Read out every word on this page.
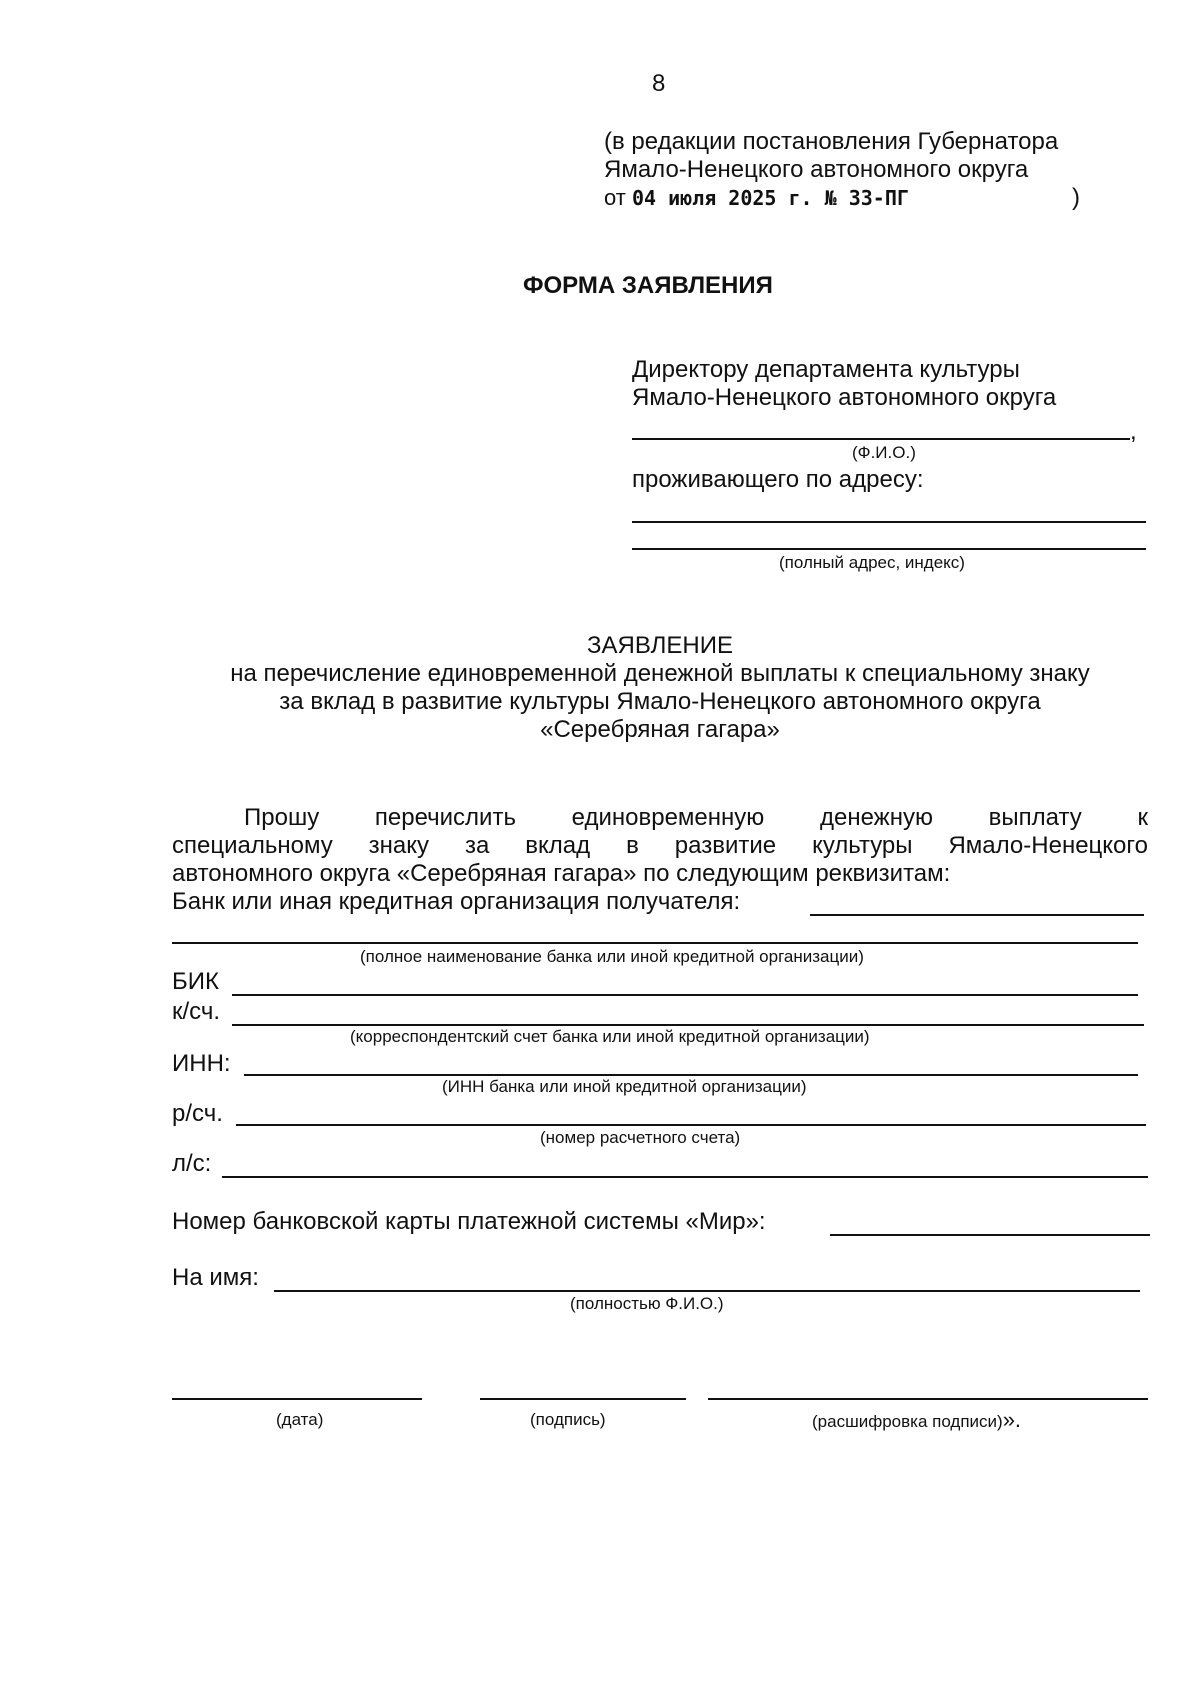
8
(в редакции постановления Губернатора
Ямало-Ненецкого автономного округа
от 04 июля 2025 г. № 33-ПГ	)
ФОРМА ЗАЯВЛЕНИЯ
Директору департамента культуры
Ямало-Ненецкого автономного округа
,
(Ф.И.О.)
проживающего по адресу:
(полный адрес, индекс)
ЗАЯВЛЕНИЕ
на перечисление единовременной денежной выплаты к специальному знаку
за вклад в развитие культуры Ямало-Ненецкого автономного округа
«Серебряная гагара»
Прошу перечислить единовременную денежную выплату к
специальному знаку за вклад в развитие культуры Ямало-Ненецкого
автономного округа «Серебряная гагара» по следующим реквизитам:
Банк или иная кредитная организация получателя:
(полное наименование банка или иной кредитной организации)
БИК
к/сч.
(корреспондентский счет банка или иной кредитной организации)
ИНН:
(ИНН банка или иной кредитной организации)
р/сч.
(номер расчетного счета)
л/с:
Номер банковской карты платежной системы «Мир»:
На имя:
(полностью Ф.И.О.)
(дата)	(подпись)	(расшифровка подписи)».
